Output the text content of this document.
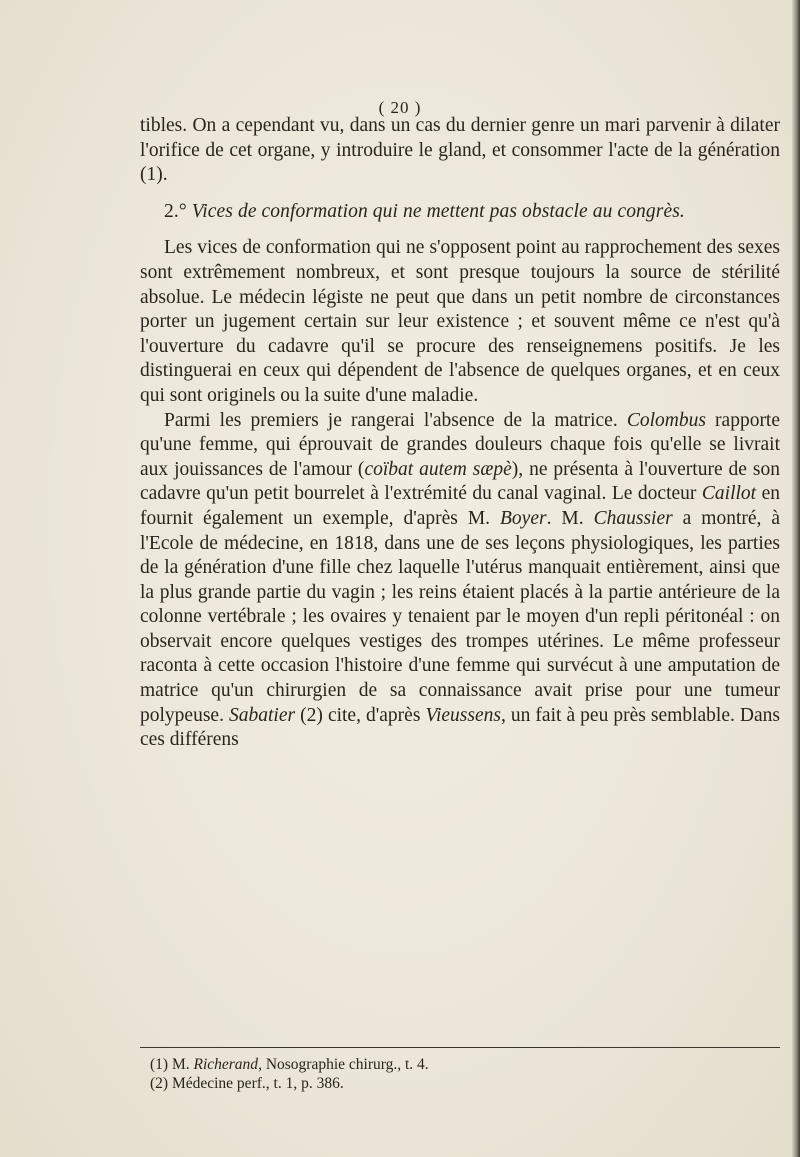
( 20 )

tibles. On a cependant vu, dans un cas du dernier genre un mari parvenir à dilater l'orifice de cet organe, y introduire le gland, et consommer l'acte de la génération (1).

2.° Vices de conformation qui ne mettent pas obstacle au congrès.

Les vices de conformation qui ne s'opposent point au rapprochement des sexes sont extrêmement nombreux, et sont presque toujours la source de stérilité absolue. Le médecin légiste ne peut que dans un petit nombre de circonstances porter un jugement certain sur leur existence ; et souvent même ce n'est qu'à l'ouverture du cadavre qu'il se procure des renseignemens positifs. Je les distinguerai en ceux qui dépendent de l'absence de quelques organes, et en ceux qui sont originels ou la suite d'une maladie.

Parmi les premiers je rangerai l'absence de la matrice. Colombus rapporte qu'une femme, qui éprouvait de grandes douleurs chaque fois qu'elle se livrait aux jouissances de l'amour (coïbat autem sæpè), ne présenta à l'ouverture de son cadavre qu'un petit bourrelet à l'extrémité du canal vaginal. Le docteur Caillot en fournit également un exemple, d'après M. Boyer. M. Chaussier a montré, à l'Ecole de médecine, en 1818, dans une de ses leçons physiologiques, les parties de la génération d'une fille chez laquelle l'utérus manquait entièrement, ainsi que la plus grande partie du vagin ; les reins étaient placés à la partie antérieure de la colonne vertébrale ; les ovaires y tenaient par le moyen d'un repli péritonéal : on observait encore quelques vestiges des trompes utérines. Le même professeur raconta à cette occasion l'histoire d'une femme qui survécut à une amputation de matrice qu'un chirurgien de sa connaissance avait prise pour une tumeur polypeuse. Sabatier (2) cite, d'après Vieussens, un fait à peu près semblable. Dans ces différens

(1) M. Richerand, Nosographie chirurg., t. 4.

(2) Médecine perf., t. 1, p. 386.
